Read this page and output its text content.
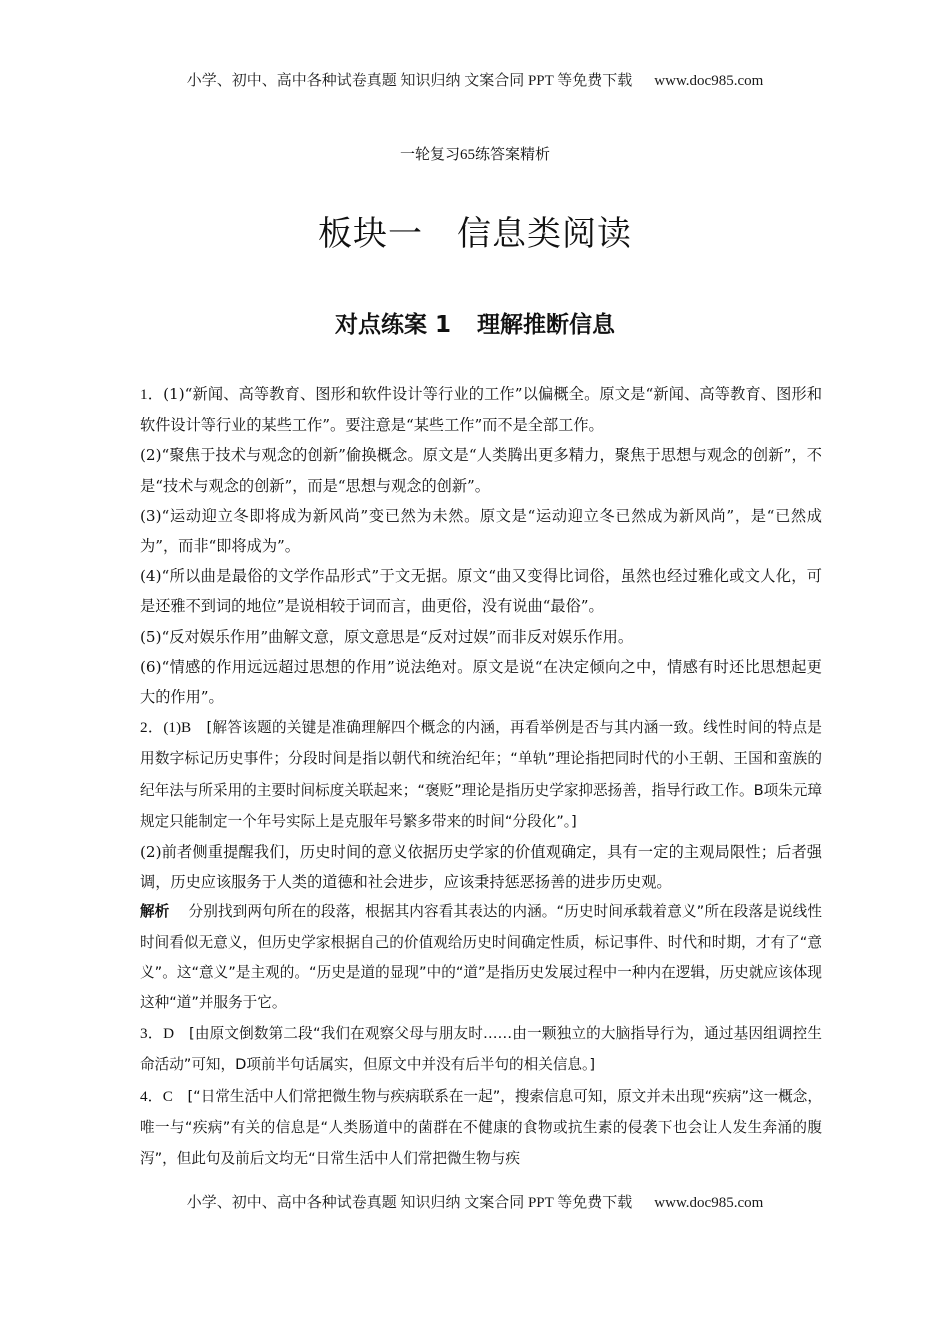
小学、初中、高中各种试卷真题 知识归纳 文案合同 PPT 等免费下载 www.doc985.com
一轮复习65练答案精析
板块一 信息类阅读
对点练案 1 理解推断信息

1．(1)“新闻、高等教育、图形和软件设计等行业的工作”以偏概全。原文是“新闻、高等教育、图形和软件设计等行业的某些工作”。要注意是“某些工作”而不是全部工作。

(2)“聚焦于技术与观念的创新”偷换概念。原文是“人类腾出更多精力，聚焦于思想与观念的创新”，不是“技术与观念的创新”，而是“思想与观念的创新”。

(3)“运动迎立冬即将成为新风尚”变已然为未然。原文是“运动迎立冬已然成为新风尚”，是“已然成为”，而非“即将成为”。

(4)“所以曲是最俗的文学作品形式”于文无据。原文“曲又变得比词俗，虽然也经过雅化或文人化，可是还雅不到词的地位”是说相较于词而言，曲更俗，没有说曲“最俗”。

(5)“反对娱乐作用”曲解文意，原文意思是“反对过娱”而非反对娱乐作用。

(6)“情感的作用远远超过思想的作用”说法绝对。原文是说“在决定倾向之中，情感有时还比思想起更大的作用”。

2．(1)B [解答该题的关键是准确理解四个概念的内涵，再看举例是否与其内涵一致。线性时间的特点是用数字标记历史事件；分段时间是指以朝代和统治纪年；“单轨”理论指把同时代的小王朝、王国和蛮族的纪年法与所采用的主要时间标度关联起来；“褒贬”理论是指历史学家抑恶扬善，指导行政工作。B项朱元璋规定只能制定一个年号实际上是克服年号繁多带来的时间“分段化”。]

(2)前者侧重提醒我们，历史时间的意义依据历史学家的价值观确定，具有一定的主观局限性；后者强调，历史应该服务于人类的道德和社会进步，应该秉持惩恶扬善的进步历史观。

解析 分别找到两句所在的段落，根据其内容看其表达的内涵。“历史时间承载着意义”所在段落是说线性时间看似无意义，但历史学家根据自己的价值观给历史时间确定性质，标记事件、时代和时期，才有了“意义”。这“意义”是主观的。“历史是道的显现”中的“道”是指历史发展过程中一种内在逻辑，历史就应该体现这种“道”并服务于它。

3．D [由原文倒数第二段“我们在观察父母与朋友时……由一颗独立的大脑指导行为，通过基因组调控生命活动”可知，D项前半句话属实，但原文中并没有后半句的相关信息。]

4．C [“日常生活中人们常把微生物与疾病联系在一起”，搜索信息可知，原文并未出现“疾病”这一概念，唯一与“疾病”有关的信息是“人类肠道中的菌群在不健康的食物或抗生素的侵袭下也会让人发生奔涌的腹泻”，但此句及前后文均无“日常生活中人们常把微生物与疾

小学、初中、高中各种试卷真题 知识归纳 文案合同 PPT 等免费下载 www.doc985.com
